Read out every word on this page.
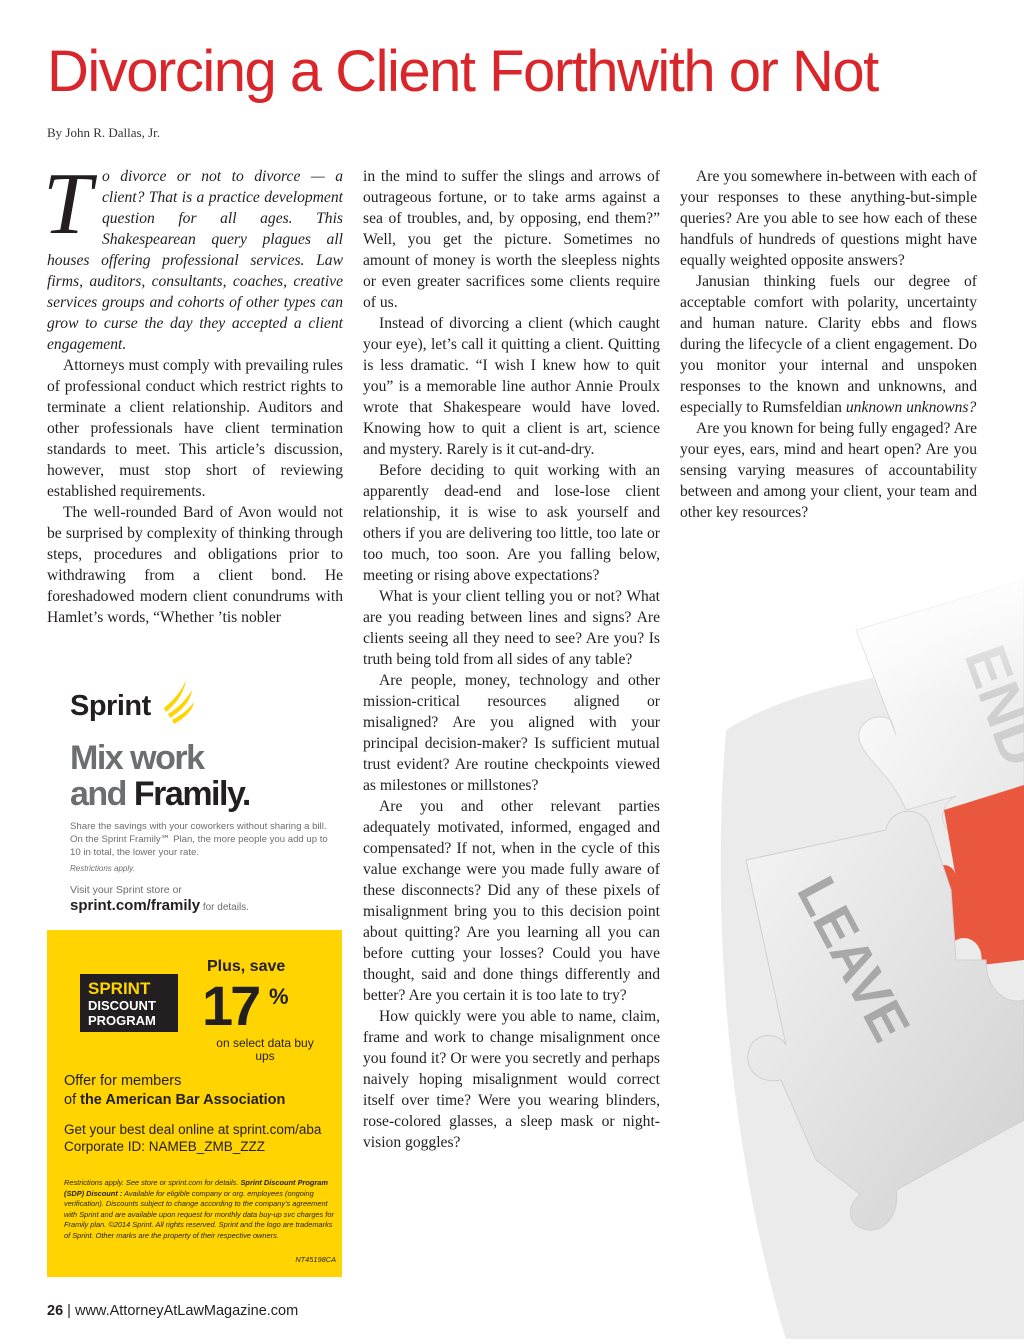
Divorcing a Client Forthwith or Not
By John R. Dallas, Jr.

To divorce or not to divorce — a client? That is a practice development question for all ages. This Shakespearean query plagues all houses offering professional services. Law firms, auditors, consultants, coaches, creative services groups and cohorts of other types can grow to curse the day they accepted a client engagement.

Attorneys must comply with prevailing rules of professional conduct which restrict rights to terminate a client relationship. Auditors and other professionals have client termination standards to meet. This article’s discussion, however, must stop short of reviewing established requirements.

The well-rounded Bard of Avon would not be surprised by complexity of thinking through steps, procedures and obligations prior to withdrawing from a client bond. He foreshadowed modern client conundrums with Hamlet’s words, “Whether ’tis nobler

in the mind to suffer the slings and arrows of outrageous fortune, or to take arms against a sea of troubles, and, by opposing, end them?” Well, you get the picture. Sometimes no amount of money is worth the sleepless nights or even greater sacrifices some clients require of us.

Instead of divorcing a client (which caught your eye), let’s call it quitting a client. Quitting is less dramatic. “I wish I knew how to quit you” is a memorable line author Annie Proulx wrote that Shakespeare would have loved. Knowing how to quit a client is art, science and mystery. Rarely is it cut-and-dry.

Before deciding to quit working with an apparently dead-end and lose-lose client relationship, it is wise to ask yourself and others if you are delivering too little, too late or too much, too soon. Are you falling below, meeting or rising above expectations?

What is your client telling you or not? What are you reading between lines and signs? Are clients seeing all they need to see? Are you? Is truth being told from all sides of any table?

Are people, money, technology and other mission-critical resources aligned or misaligned? Are you aligned with your principal decision-maker? Is sufficient mutual trust evident? Are routine checkpoints viewed as milestones or millstones?

Are you and other relevant parties adequately motivated, informed, engaged and compensated? If not, when in the cycle of this value exchange were you made fully aware of these disconnects? Did any of these pixels of misalignment bring you to this decision point about quitting? Are you learning all you can before cutting your losses? Could you have thought, said and done things differently and better? Are you certain it is too late to try?

How quickly were you able to name, claim, frame and work to change misalignment once you found it? Or were you secretly and perhaps naively hoping misalignment would correct itself over time? Were you wearing blinders, rose-colored glasses, a sleep mask or night-vision goggles?

Are you somewhere in-between with each of your responses to these anything-but-simple queries? Are you able to see how each of these handfuls of hundreds of questions might have equally weighted opposite answers?

Janusian thinking fuels our degree of acceptable comfort with polarity, uncertainty and human nature. Clarity ebbs and flows during the lifecycle of a client engagement. Do you monitor your internal and unspoken responses to the known and unknowns, and especially to Rumsfeldian unknown unknowns?

Are you known for being fully engaged? Are your eyes, ears, mind and heart open? Are you sensing varying measures of accountability between and among your client, your team and other key resources?

Sprint
Mix work
and Framily.
Share the savings with your coworkers without sharing a bill. On the Sprint Framily℠ Plan, the more people you add up to 10 in total, the lower your rate.
Restrictions apply.
Visit your Sprint store or
sprint.com/framily for details.
SPRINT
DISCOUNT
PROGRAM
Plus, save
17 %
on select data buy ups
Offer for members
of the American Bar Association
Get your best deal online at sprint.com/aba
Corporate ID: NAMEB_ZMB_ZZZ
Restrictions apply. See store or sprint.com for details. Sprint Discount Program (SDP) Discount : Available for eligible company or org. employees (ongoing verification). Discounts subject to change according to the company’s agreement with Sprint and are available upon request for monthly data buy-up svc charges for Framily plan. ©2014 Sprint. All rights reserved. Sprint and the logo are trademarks of Sprint. Other marks are the property of their respective owners.
NT45198CA
26 | www.AttorneyAtLawMagazine.com
